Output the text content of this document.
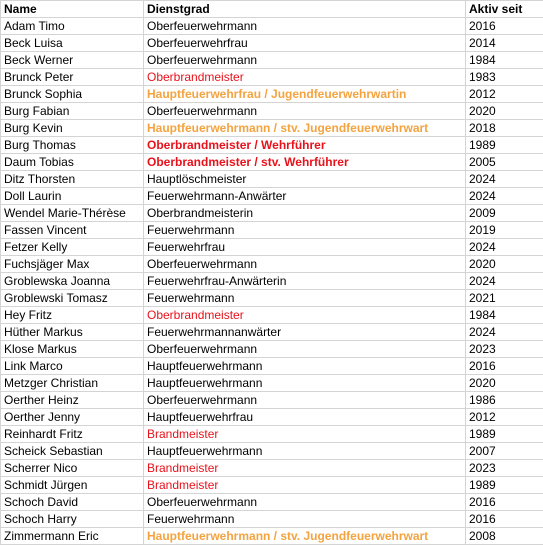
Name	Dienstgrad	Aktiv seit
Adam Timo	Oberfeuerwehrmann	2016
Beck Luisa	Oberfeuerwehrfrau	2014
Beck Werner	Oberfeuerwehrmann	1984
Brunck Peter	Oberbrandmeister	1983
Brunck Sophia	Hauptfeuerwehrfrau / Jugendfeuerwehrwartin	2012
Burg Fabian	Oberfeuerwehrmann	2020
Burg Kevin	Hauptfeuerwehrmann / stv. Jugendfeuerwehrwart	2018
Burg Thomas	Oberbrandmeister / Wehrführer	1989
Daum Tobias	Oberbrandmeister / stv. Wehrführer	2005
Ditz Thorsten	Hauptlöschmeister	2024
Doll Laurin	Feuerwehrmann-Anwärter	2024
Wendel Marie-Thérèse	Oberbrandmeisterin	2009
Fassen Vincent	Feuerwehrmann	2019
Fetzer Kelly	Feuerwehrfrau	2024
Fuchsjäger Max	Oberfeuerwehrmann	2020
Groblewska Joanna	Feuerwehrfrau-Anwärterin	2024
Groblewski Tomasz	Feuerwehrmann	2021
Hey Fritz	Oberbrandmeister	1984
Hüther Markus	Feuerwehrmannanwärter	2024
Klose Markus	Oberfeuerwehrmann	2023
Link Marco	Hauptfeuerwehrmann	2016
Metzger Christian	Hauptfeuerwehrmann	2020
Oerther Heinz	Oberfeuerwehrmann	1986
Oerther Jenny	Hauptfeuerwehrfrau	2012
Reinhardt Fritz	Brandmeister	1989
Scheick Sebastian	Hauptfeuerwehrmann	2007
Scherrer Nico	Brandmeister	2023
Schmidt Jürgen	Brandmeister	1989
Schoch David	Oberfeuerwehrmann	2016
Schoch Harry	Feuerwehrmann	2016
Zimmermann Eric	Hauptfeuerwehrmann / stv. Jugendfeuerwehrwart	2008
